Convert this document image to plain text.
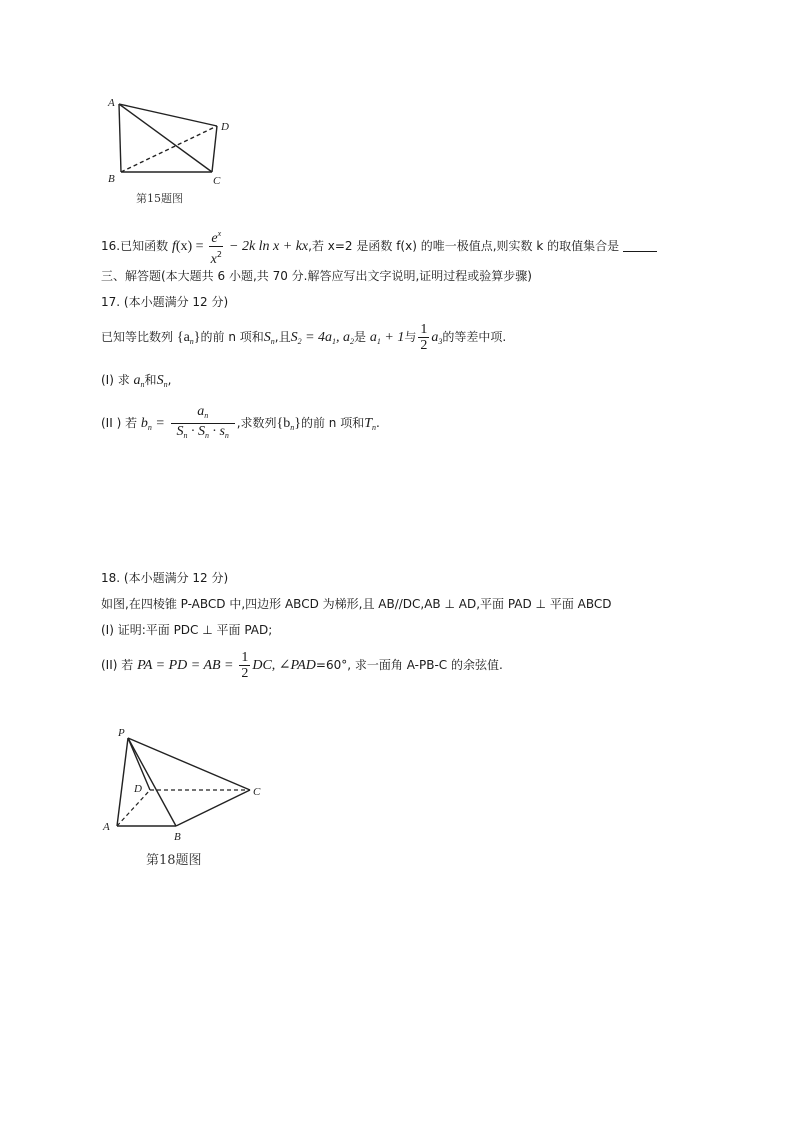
A
D
B	C
第15题图
16.已知函数 $f(x) = \frac{e^x}{x^2} - 2k$ ln x + kx,若 x=2 是函数 f(x) 的唯一极值点,则实数 k 的取值集合是
三、解答题(本大题共 6 小题,共 70 分.解答应写出文字说明,证明过程或验算步骤)
17. (本小题满分 12 分)
已知等比数列 $\{a_n\}$的前 n 项和$S_n$,且$S_2 = 4a_1$, $a_2$是 $a_1 + 1$与 $\frac{1}{2} a_3$的等差中项.
(I) 求 $a_n$和$S_n$,
(II ) 若 $b_n = \frac{a_n}{S_n \cdot S_n \cdot s_n}$ ,求数列$\{b_n\}$的前 n 项和$T_n$.
18. (本小题满分 12 分)
如图,在四棱锥 P-ABCD 中,四边形 ABCD 为梯形,且 AB//DC,AB ⊥ AD,平面 PAD ⊥ 平面 ABCD
(I) 证明:平面 PDC ⊥ 平面 PAD;
(II) 若 PA = PD = AB = $\frac{1}{2}$ DC, ∠PAD=60°, 求一面角 A-PB-C 的余弦值.
P
D	C
A
B
第18题图
